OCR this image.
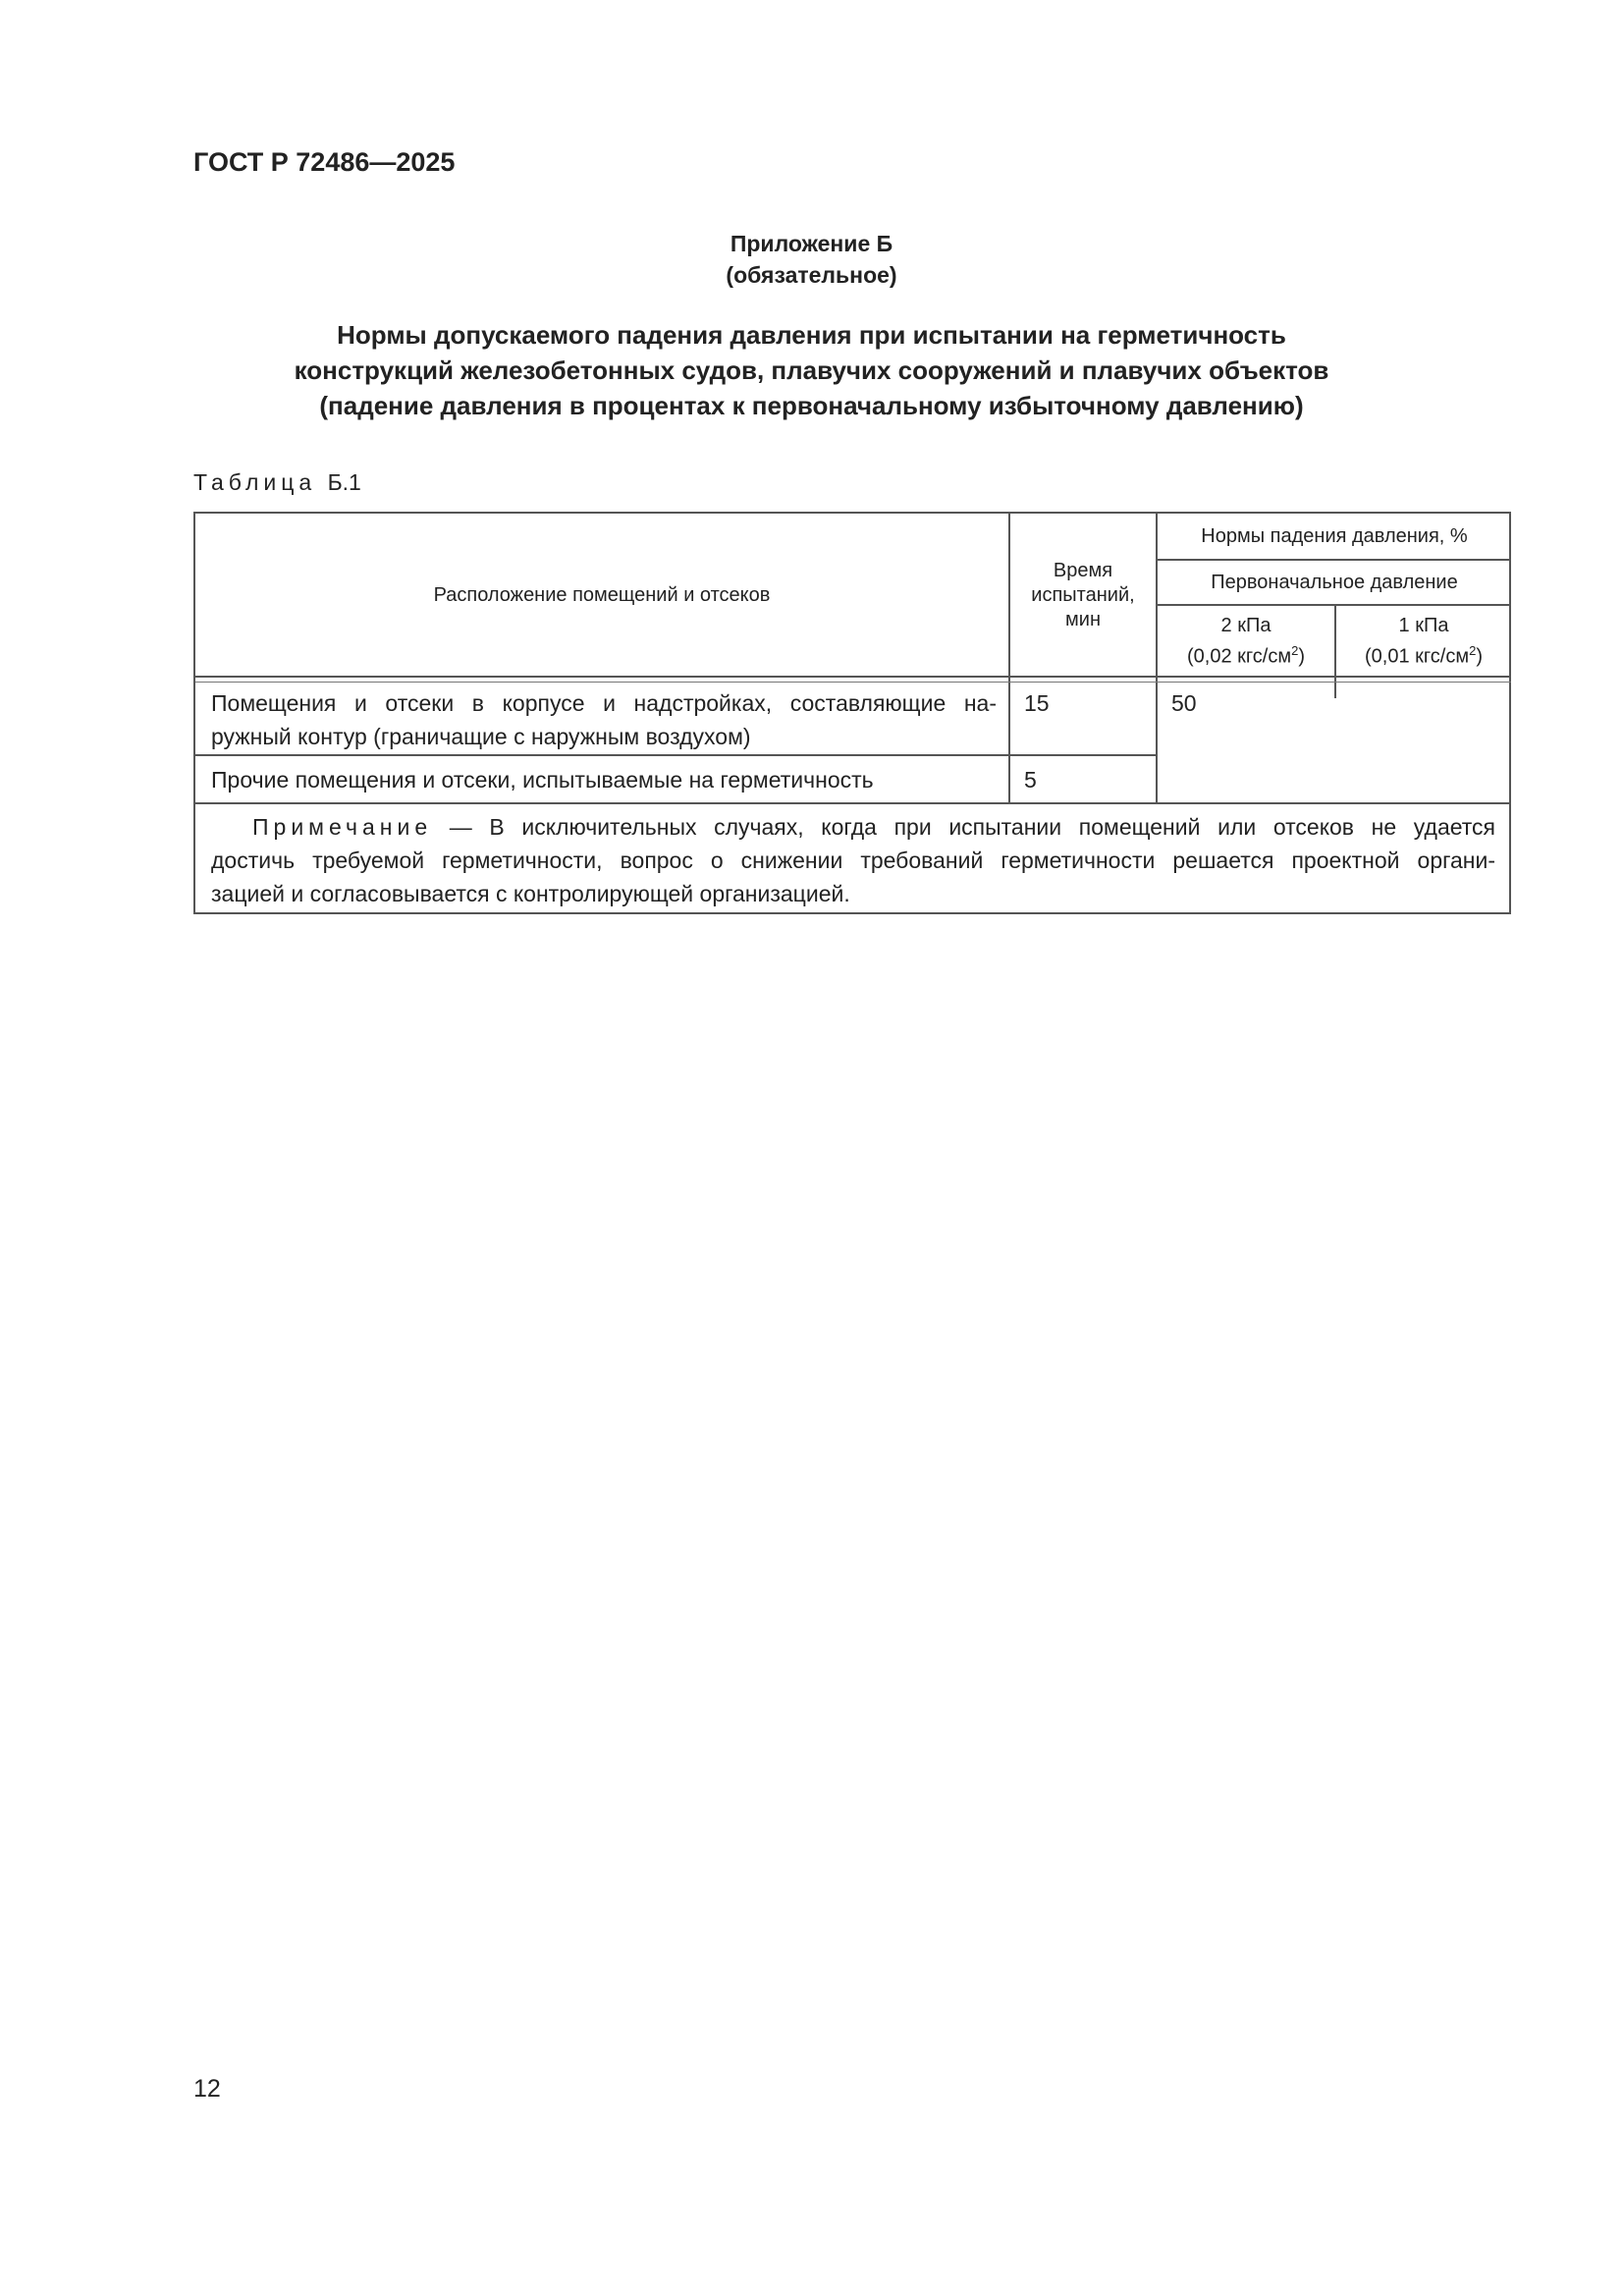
ГОСТ Р 72486—2025
Приложение Б
(обязательное)
Нормы допускаемого падения давления при испытании на герметичность
конструкций железобетонных судов, плавучих сооружений и плавучих объектов
(падение давления в процентах к первоначальному избыточному давлению)
Таблица Б.1
Расположение помещений и отсеков
Время
испытаний,
мин
Нормы падения давления, %
Первоначальное давление
2 кПа
(0,02 кгс/$см^2$)
1 кПа
(0,01 кгс/$см^2$)
Помещения и отсеки в корпусе и надстройках, составляющие на-
ружный контур (граничащие с наружным воздухом)
15	50
Прочие помещения и отсеки, испытываемые на герметичность	5
Примечание — В исключительных случаях, когда при испытании помещений или отсеков не удается
достичь требуемой герметичности, вопрос о снижении требований герметичности решается проектной органи-
зацией и согласовывается с контролирующей организацией.
12
